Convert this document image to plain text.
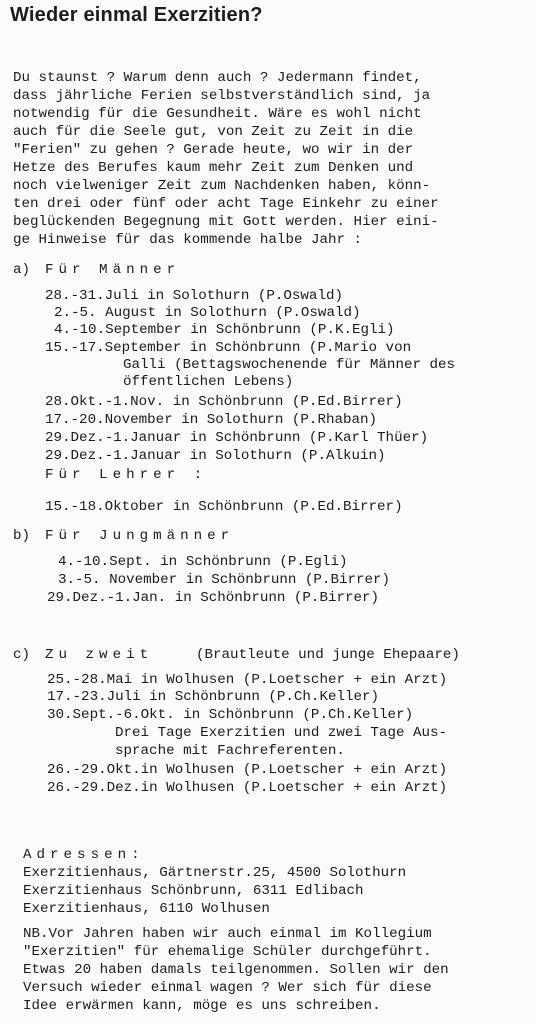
Wieder einmal Exerzitien?
Du staunst ? Warum denn auch ? Jedermann findet,
dass jährliche Ferien selbstverständlich sind, ja
notwendig für die Gesundheit. Wäre es wohl nicht
auch für die Seele gut, von Zeit zu Zeit in die
"Ferien" zu gehen ? Gerade heute, wo wir in der
Hetze des Berufes kaum mehr Zeit zum Denken und
noch vielweniger Zeit zum Nachdenken haben, könn-
ten drei oder fünf oder acht Tage Einkehr zu einer
beglückenden Begegnung mit Gott werden. Hier eini-
ge Hinweise für das kommende halbe Jahr :
a) Für Männer
28.-31.Juli in Solothurn (P.Oswald)
2.-5. August in Solothurn (P.Oswald)
4.-10.September in Schönbrunn (P.K.Egli)
15.-17.September in Schönbrunn (P.Mario von
Galli (Bettagswochenende für Männer des
öffentlichen Lebens)
28.Okt.-1.Nov. in Schönbrunn (P.Ed.Birrer)
17.-20.November in Solothurn (P.Rhaban)
29.Dez.-1.Januar in Schönbrunn (P.Karl Thüer)
29.Dez.-1.Januar in Solothurn (P.Alkuin)
Für Lehrer :
15.-18.Oktober in Schönbrunn (P.Ed.Birrer)
b) Für Jungmänner
4.-10.Sept. in Schönbrunn (P.Egli)
3.-5. November in Schönbrunn (P.Birrer)
29.Dez.-1.Jan. in Schönbrunn (P.Birrer)
c) Zu zweit	(Brautleute und junge Ehepaare)
25.-28.Mai in Wolhusen (P.Loetscher + ein Arzt)
17.-23.Juli in Schönbrunn (P.Ch.Keller)
30.Sept.-6.Okt. in Schönbrunn (P.Ch.Keller)
Drei Tage Exerzitien und zwei Tage Aus-
sprache mit Fachreferenten.
26.-29.Okt.in Wolhusen (P.Loetscher + ein Arzt)
26.-29.Dez.in Wolhusen (P.Loetscher + ein Arzt)
Adressen:
Exerzitienhaus, Gärtnerstr.25, 4500 Solothurn
Exerzitienhaus Schönbrunn, 6311 Edlibach
Exerzitienhaus, 6110 Wolhusen
NB.Vor Jahren haben wir auch einmal im Kollegium
"Exerzitien" für ehemalige Schüler durchgeführt.
Etwas 20 haben damals teilgenommen. Sollen wir den
Versuch wieder einmal wagen ? Wer sich für diese
Idee erwärmen kann, möge es uns schreiben.
